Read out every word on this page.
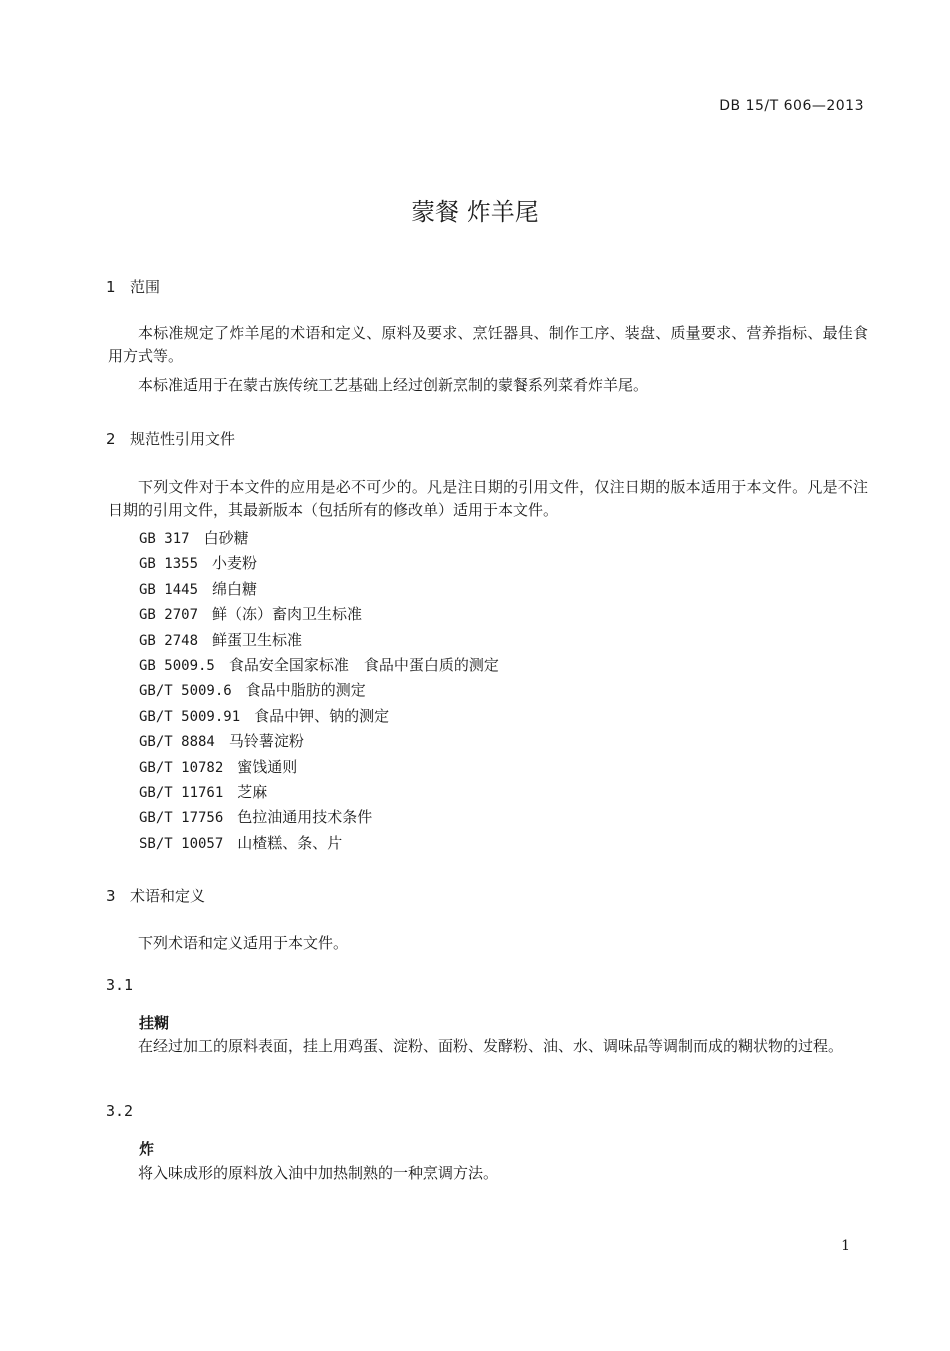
DB 15/T 606—2013
蒙餐 炸羊尾
1 范围
本标准规定了炸羊尾的术语和定义、原料及要求、烹饪器具、制作工序、装盘、质量要求、营养指标、最佳食用方式等。
本标准适用于在蒙古族传统工艺基础上经过创新烹制的蒙餐系列菜肴炸羊尾。
2 规范性引用文件
下列文件对于本文件的应用是必不可少的。凡是注日期的引用文件，仅注日期的版本适用于本文件。凡是不注日期的引用文件，其最新版本（包括所有的修改单）适用于本文件。
GB 317 白砂糖
GB 1355 小麦粉
GB 1445 绵白糖
GB 2707 鲜（冻）畜肉卫生标准
GB 2748 鲜蛋卫生标准
GB 5009.5 食品安全国家标准　食品中蛋白质的测定
GB/T 5009.6 食品中脂肪的测定
GB/T 5009.91 食品中钾、钠的测定
GB/T 8884 马铃薯淀粉
GB/T 10782 蜜饯通则
GB/T 11761 芝麻
GB/T 17756 色拉油通用技术条件
SB/T 10057 山楂糕、条、片
3 术语和定义
下列术语和定义适用于本文件。
3.1
挂糊
在经过加工的原料表面，挂上用鸡蛋、淀粉、面粉、发酵粉、油、水、调味品等调制而成的糊状物的过程。
3.2
炸
将入味成形的原料放入油中加热制熟的一种烹调方法。
1
